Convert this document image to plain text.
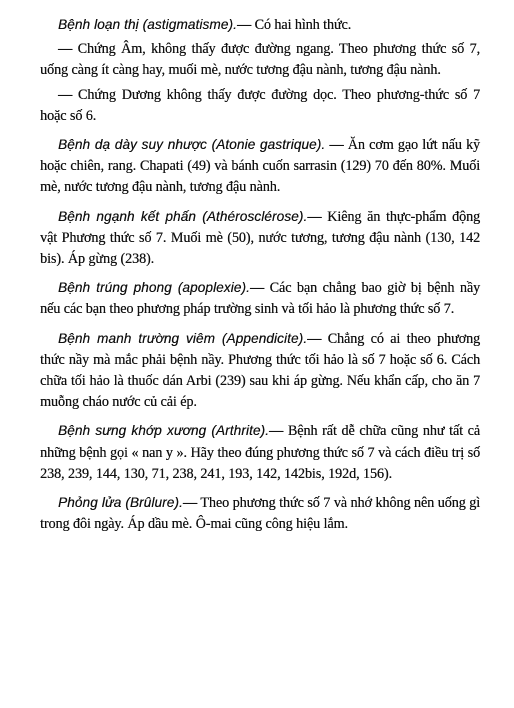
Bệnh loạn thị (astigmatisme).— Có hai hình thức.

— Chứng Âm, không thấy được đường ngang. Theo phương thức số 7, uống càng ít càng hay, muối mè, nước tương đậu nành, tương đậu nành.

— Chứng Dương không thấy được đường dọc. Theo phương-thức số 7 hoặc số 6.

Bệnh dạ dày suy nhược (Atonie gastrique). — Ăn cơm gạo lứt nấu kỹ hoặc chiên, rang. Chapati (49) và bánh cuốn sarrasin (129) 70 đến 80%. Muối mè, nước tương đậu nành, tương đậu nành.

Bệnh ngạnh kết phấn (Athérosclérose).— Kiêng ăn thực-phẩm động vật Phương thức số 7. Muối mè (50), nước tương, tương đậu nành (130, 142 bis). Áp gừng (238).

Bệnh trúng phong (apoplexie).— Các bạn chẳng bao giờ bị bệnh nầy nếu các bạn theo phương pháp trường sinh và tối hảo là phương thức số 7.

Bệnh manh trường viêm (Appendicite).— Chẳng có ai theo phương thức nầy mà mắc phải bệnh nầy. Phương thức tối hảo là số 7 hoặc số 6. Cách chữa tối hảo là thuốc dán Arbi (239) sau khi áp gừng. Nếu khẩn cấp, cho ăn 7 muỗng cháo nước củ cải ép.

Bệnh sưng khớp xương (Arthrite).— Bệnh rất dễ chữa cũng như tất cả những bệnh gọi « nan y ». Hãy theo đúng phương thức số 7 và cách điều trị số 238, 239, 144, 130, 71, 238, 241, 193, 142, 142bis, 192d, 156).

Phỏng lửa (Brûlure).— Theo phương thức số 7 và nhớ không nên uống gì trong đôi ngày. Áp dầu mè. Ô-mai cũng công hiệu lắm.
